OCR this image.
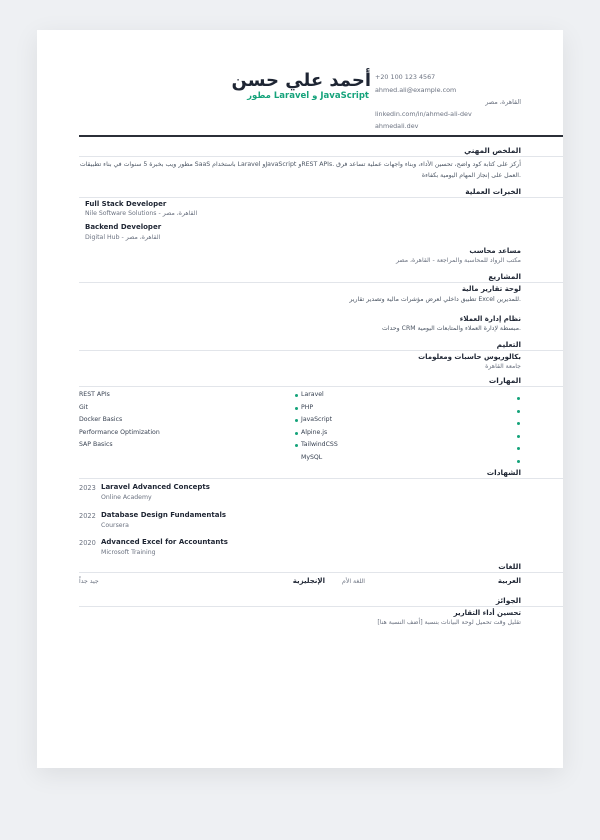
أحمد علي حسن
مطور Laravel و JavaScript
القاهرة، مصر
+20 100 123 4567
ahmed.ali@example.com
linkedin.com/in/ahmed-ali-dev
ahmedali.dev
الملخص المهني
مطور ويب بخبرة 5 سنوات في بناء تطبيقات SaaS باستخدام Laravel وJavaScript وREST APIs. أركز على كتابة كود واضح، تحسين الأداء، وبناء واجهات عملية تساعد فرق
العمل على إنجاز المهام اليومية بكفاءة.
الخبرات العملية
Full Stack Developer
Nile Software Solutions - القاهرة، مصر
Backend Developer
Digital Hub - القاهرة، مصر
مساعد محاسب
مكتب الرواد للمحاسبة والمراجعة - القاهرة، مصر
المشاريع
لوحة تقارير مالية
تطبيق داخلي لعرض مؤشرات مالية وتصدير تقارير Excel للمديرين.
نظام إدارة العملاء
وحدات CRM مبسطة لإدارة العملاء والمتابعات اليومية.
التعليم
بكالوريوس حاسبات ومعلومات
جامعة القاهرة
المهارات
REST APIs
Git
Docker Basics
Performance Optimization
SAP Basics
Laravel
PHP
JavaScript
Alpine.js
TailwindCSS
MySQL
الشهادات
2023 Laravel Advanced Concepts
Online Academy
2022 Database Design Fundamentals
Coursera
2020 Advanced Excel for Accountants
Microsoft Training
اللغات
العربية
اللغة الأم
الإنجليزية
جيد جداً
الجوائز
تحسين أداء التقارير
تقليل وقت تحميل لوحة البيانات بنسبة [أضف النسبة هنا]
